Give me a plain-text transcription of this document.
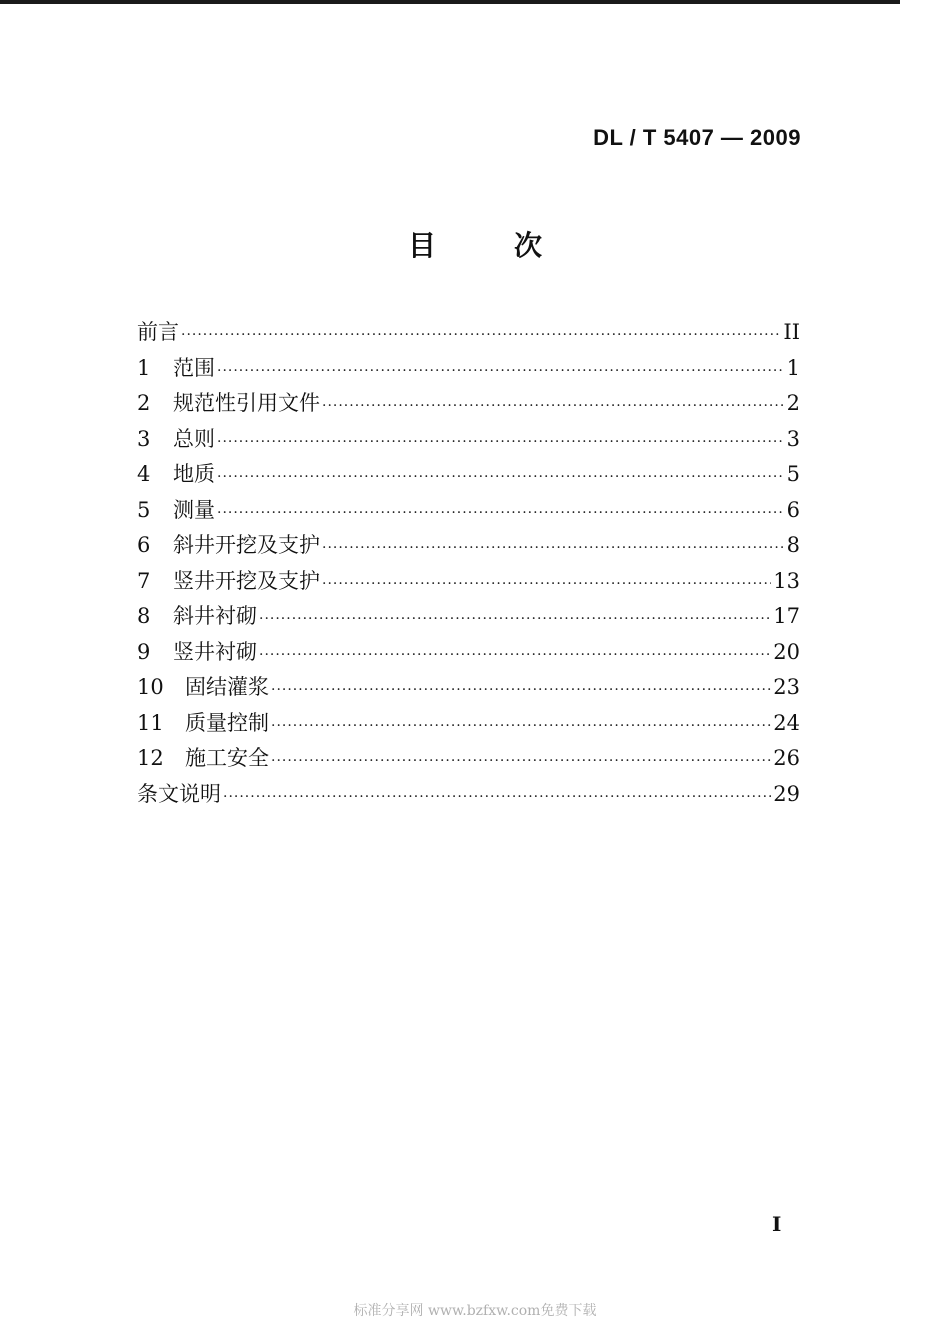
DL / T 5407 — 2009
目	次
前言 ·····	II
1	范围 ·····	1
2	规范性引用文件 ·····	2
3	总则 ·····	3
4	地质 ·····	5
5	测量 ·····	6
6	斜井开挖及支护 ·····	8
7	竖井开挖及支护 ·····	13
8	斜井衬砌 ·····	17
9	竖井衬砌 ·····	20
10	固结灌浆 ·····	23
11	质量控制 ·····	24
12	施工安全 ·····	26
条文说明 ·····	29
I
标准分享网 www.bzfxw.com免费下载
